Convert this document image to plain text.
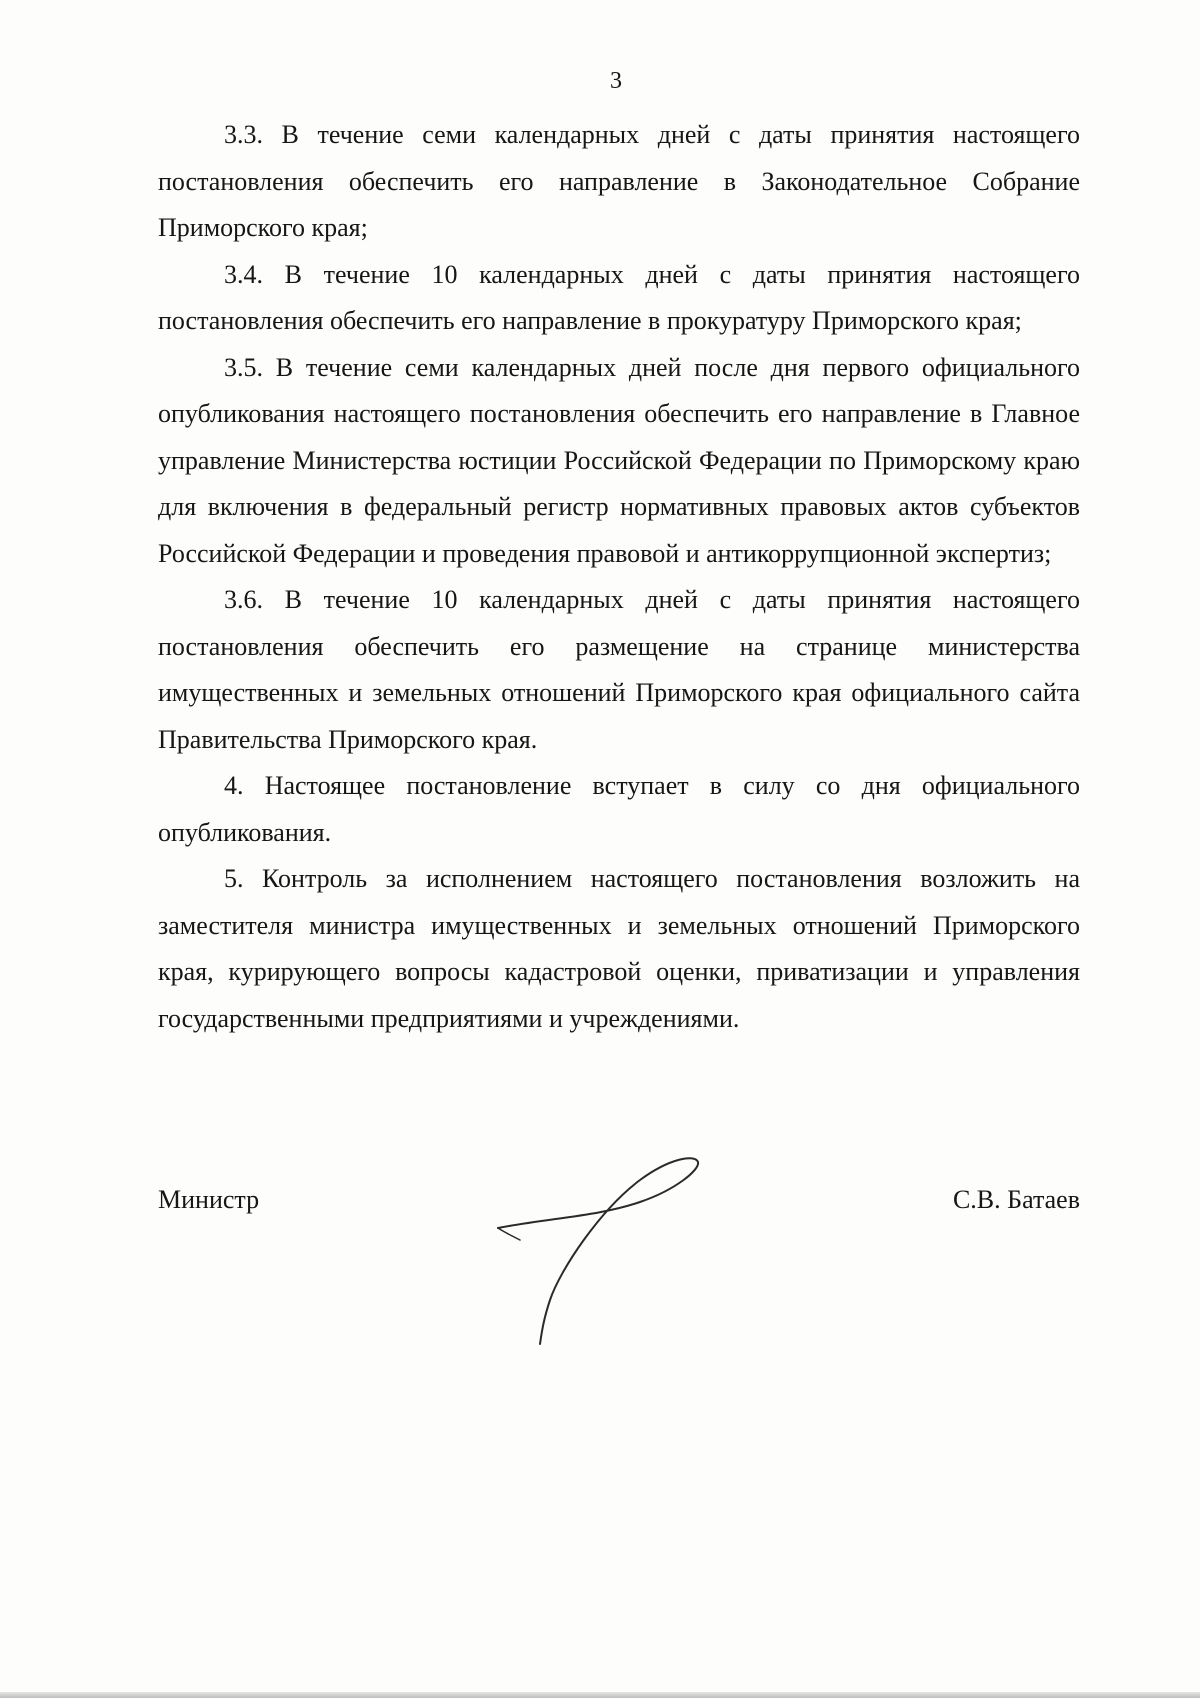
3

3.3. В течение семи календарных дней с даты принятия настоящего постановления обеспечить его направление в Законодательное Собрание Приморского края;

3.4. В течение 10 календарных дней с даты принятия настоящего постановления обеспечить его направление в прокуратуру Приморского края;

3.5. В течение семи календарных дней после дня первого официального опубликования настоящего постановления обеспечить его направление в Главное управление Министерства юстиции Российской Федерации по Приморскому краю для включения в федеральный регистр нормативных правовых актов субъектов Российской Федерации и проведения правовой и антикоррупционной экспертиз;

3.6. В течение 10 календарных дней с даты принятия настоящего постановления обеспечить его размещение на странице министерства имущественных и земельных отношений Приморского края официального сайта Правительства Приморского края.

4. Настоящее постановление вступает в силу со дня официального опубликования.

5. Контроль за исполнением настоящего постановления возложить на заместителя министра имущественных и земельных отношений Приморского края, курирующего вопросы кадастровой оценки, приватизации и управления государственными предприятиями и учреждениями.

Министр	С.В. Батаев
